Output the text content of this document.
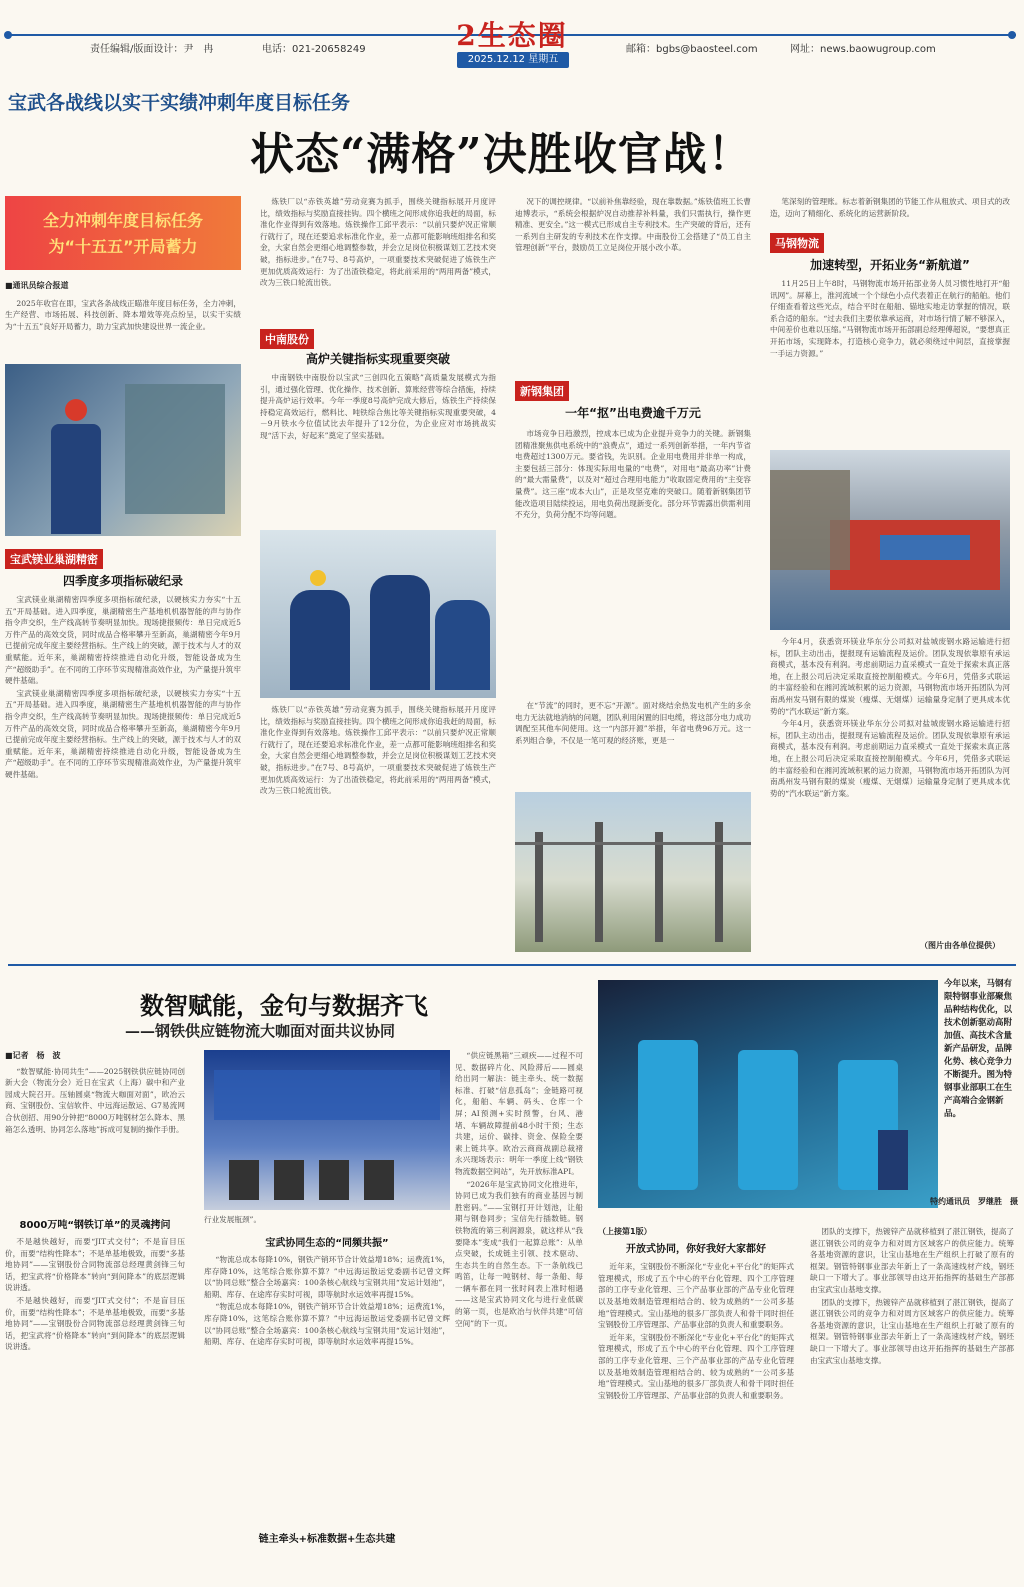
责任编辑/版面设计：尹　冉	电话：021-20658249	2生态圈
2025.12.12 星期五
邮箱：bgbs@baosteel.com	网址：news.baowugroup.com
宝武各战线以实干实绩冲刺年度目标任务
状态“满格”决胜收官战！
全力冲刺年度目标任务
为“十五五”开局蓄力
■通讯员综合报道

2025年收官在即，宝武各条战线正瞄准年度目标任务，全力冲刺，生产经营、市场拓展、科技创新、降本增效等亮点纷呈，以实干实绩为“十五五”良好开局蓄力，助力宝武加快建设世界一流企业。

宝武镁业巢湖精密
四季度多项指标破纪录

宝武镁业巢湖精密四季度多项指标破纪录，以硬核实力夯实“十五五”开局基础。进入四季度，巢湖精密生产基地机机器智能的声与协作指令声交织，生产线高转节奏明显加快。现场捷报频传：单日完成近5万件产品的高效交货，同时成品合格率攀升至新高，巢湖精密今年9月已提前完成年度主要经营指标。生产线上的突破，源于技术与人才的双重赋能。近年来，巢湖精密持续推进自动化升级，智能设备成为生产“超级助手”。在不同的工序环节实现精准高效作业，为产量提升筑牢硬件基础。

宝武镁业巢湖精密四季度多项指标破纪录，以硬核实力夯实“十五五”开局基础。进入四季度，巢湖精密生产基地机机器智能的声与协作指令声交织，生产线高转节奏明显加快。现场捷报频传：单日完成近5万件产品的高效交货，同时成品合格率攀升至新高，巢湖精密今年9月已提前完成年度主要经营指标。生产线上的突破，源于技术与人才的双重赋能。近年来，巢湖精密持续推进自动化升级，智能设备成为生产“超级助手”。在不同的工序环节实现精准高效作业，为产量提升筑牢硬件基础。

炼铁厂以“赤铁英雄”劳动竞赛为抓手，围绕关键指标展开月度评比，绩效指标与奖励直接挂钩。四个横班之间形成你追我赶的局面，标准化作业得到有效落地。炼铁操作工邱平表示：“以前只要炉况正常顺行就行了，现在还要追求标准化作业，差一点都可能影响班组排名和奖金，大家自然会更细心地调整参数，并会立足岗位积极谋划工艺技术突破，指标进步。”在7号、8号高炉，一项重要技术突破促进了炼铁生产更加优质高效运行：为了出渣铁稳定，将此前采用的“两用两备”模式，改为三铁口轮流出铁。

中南股份
高炉关键指标实现重要突破

中南钢铁中南股份以宝武“三创四化五策略”高质量发展模式为指引，通过强化管理、优化操作、技术创新、算账经营等综合措施，持续提升高炉运行效率。今年一季度8号高炉完成大修后，炼铁生产持续保持稳定高效运行，燃料比、吨铁综合焦比等关键指标实现重要突破，4－9月铁水今位值试比去年提升了12分位，为企业应对市场挑战实现“活下去，好起来”奠定了坚实基础。

炼铁厂以“赤铁英雄”劳动竞赛为抓手，围绕关键指标展开月度评比，绩效指标与奖励直接挂钩。四个横班之间形成你追我赶的局面，标准化作业得到有效落地。炼铁操作工邱平表示：“以前只要炉况正常顺行就行了，现在还要追求标准化作业，差一点都可能影响班组排名和奖金，大家自然会更细心地调整参数，并会立足岗位积极谋划工艺技术突破，指标进步。”在7号、8号高炉，一项重要技术突破促进了炼铁生产更加优质高效运行：为了出渣铁稳定，将此前采用的“两用两备”模式，改为三铁口轮流出铁。

况下的调控规律。“以前补焦靠经验，现在靠数据。”炼铁值班工长曹迪博表示，“系统会根据炉况自动推荐补料量，我们只需执行，操作更精准、更安全。”这一模式已形成自主专利技术。生产突破的背后，还有一系列自主研发的专利技术在作支撑。中南股份工会搭建了“员工自主管理创新”平台，鼓励员工立足岗位开展小改小革。

新钢集团
一年“抠”出电费逾千万元

市场竞争日趋激烈，控成本已成为企业提升竞争力的关键。新钢集团精准聚焦供电系统中的“浪费点”，通过一系列创新举措，一年内节省电费超过1300万元。要省钱，先识别。企业用电费用并非单一构成，主要包括三部分：体现实际用电量的“电费”，对用电“最高功率”计费的“最大需量费”，以及对“超过合理用电能力”收取固定费用的“主变容量费”。这三座“成本大山”，正是攻坚克难的突破口。随着新钢集团节能改造项目陆续投运，用电负荷出现新变化。部分环节需露出供需利用不充分，负荷分配不均等问题。

在“节流”的同时，更不忘“开源”。面对烧结余热发电机产生的多余电力无法就地消纳的问题，团队利用闲置的旧电缆，将这部分电力成功调配至其他车间使用。这一“内部开源”举措，年省电费96万元。这一系列组合拳，不仅是一笔可观的经济账，更是一

笔深刻的管理账。标志着新钢集团的节能工作从粗放式、项目式的改造，迈向了精细化、系统化的运营新阶段。

马钢物流
加速转型，开拓业务“新航道”

11月25日上午8时，马钢物流市场开拓部业务人员习惯性地打开“船讯网”。屏幕上，淮河流域一个个绿色小点代表着正在航行的船舶。他们仔细查看着这些光点，结合平时在船舶、锚地实地走访掌握的情况，联系合适的船东。“过去我们主要依靠承运商，对市场行情了解不够深入，中间差价也难以压缩。”马钢物流市场开拓部副总经理傅超说，“要想真正开拓市场，实现降本，打造核心竞争力，就必须绕过中间层，直接掌握一手运力资源。”

今年4月，获悉资环镁业华东分公司拟对盐城废钢水路运输进行招标，团队主动出击，提报现有运输流程及运价。团队发现依靠原有承运商模式，基本没有利润。考虑前期运力直采模式一直处于探索未真正落地，在上报公司后决定采取直接控制船模式。今年6月，凭借多式联运的丰富经验和在湘河流域积累的运力资源，马钢物流市场开拓团队为河南禹州发马钢有限的煤炭（瘦煤、无烟煤）运输量身定制了更具成本优势的“汽水联运”新方案。

今年4月，获悉资环镁业华东分公司拟对盐城废钢水路运输进行招标，团队主动出击，提报现有运输流程及运价。团队发现依靠原有承运商模式，基本没有利润。考虑前期运力直采模式一直处于探索未真正落地，在上报公司后决定采取直接控制船模式。今年6月，凭借多式联运的丰富经验和在湘河流域积累的运力资源，马钢物流市场开拓团队为河南禹州发马钢有限的煤炭（瘦煤、无烟煤）运输量身定制了更具成本优势的“汽水联运”新方案。

（图片由各单位提供）
数智赋能，金句与数据齐飞
——钢铁供应链物流大咖面对面共议协同
■记者　杨　波

“数智赋能·协同共生”——2025钢铁供应链协同创新大会（物流分会）近日在宝武（上海）碳中和产业园成大院召开。压轴圆桌“物流大咖面对面”，欧冶云商、宝钢股份、宝信软件、中远海运散运、G7易流网合伙创招、用90分钟把“8000万吨钢材怎么降本、黑箱怎么透明、协同怎么落地”拆成可复制的操作手册。

8000万吨“钢铁订单”的灵魂拷问

不是越快越好，而要“JIT式交付”；不是盲目压价，而要“结构性降本”；不是单基地极致，而要“多基地协同”——宝钢股份合同物流部总经理黄剑锋三句话，把宝武将“价格降本”转向“到间降本”的底层逻辑说讲透。

不是越快越好，而要“JIT式交付”；不是盲目压价，而要“结构性降本”；不是单基地极致，而要“多基地协同”——宝钢股份合同物流部总经理黄剑锋三句话，把宝武将“价格降本”转向“到间降本”的底层逻辑说讲透。

行业发展瓶颈”。
宝武协同生态的“同频共振”

“物流总成本每降10%，钢铁产销环节合计效益增18%；运费流1%，库存降10%，这笔综合账你算不算？”中远海运散运党委副书记曾文辉以“协同总账”整合全场嘉宾：100条核心航线与宝钢共用“发运计划池”，船期、库存、在途库存实时可视，即等航时水运效率再提15%。

“物流总成本每降10%，钢铁产销环节合计效益增18%；运费流1%，库存降10%，这笔综合账你算不算？”中远海运散运党委副书记曾文辉以“协同总账”整合全场嘉宾：100条核心航线与宝钢共用“发运计划池”，船期、库存、在途库存实时可视，即等航时水运效率再提15%。

链主牵头+标准数据+生态共建

“供应链黑箱”三顽疾——过程不可见、数据碎片化、风险滞后——圆桌给出同一解法：链主牵头、统一数据标准、打破“信息孤岛”；金链路可视化，船舶、车辆、码头、仓库一个屏；AI预测+实时预警，台风、港堵、车辆故障提前48小时干预；生态共建，运价、碳排、资金、保险全要素上链共享。欧冶云商商战副总裁褚永兴现场表示：明年一季度上线“钢铁物流数据空间站”，先开放标准API。

“2026年是宝武协同文化推进年，协同已成为我们独有的商业基因与制胜密码。”——宝钢打开计划池，让船期与钢卷同步；宝信先行插数链。钢铁物流的第三利润源泉，就这样从“我要降本”变成“我们一起算总账”：从单点突破，长成链主引领、技术驱动、生态共生的自然生态。下一条航线已鸣笛，让每一吨钢材、每一条船、每一辆车都在同一张时间表上准时相遇——这是宝武协同文化与进行业低碳的第一页，也是欧冶与伙伴共建“可信空间”的下一页。

今年以来，马钢有限特钢事业部聚焦品种结构优化，以技术创新驱动高附加值、高技术含量新产品研发，品牌化势、核心竞争力不断提升。图为特钢事业部职工在生产高端合金钢新品。
特约通讯员　罗继胜　摄
（上接第1版）
开放式协同，你好我好大家都好

近年来，宝钢股份不断深化“专业化+平台化”的矩阵式管理模式，形成了五个中心的平台化管理、四个工序管理部的工序专业化管理、三个产品事业部的产品专业化管理以及基地效制造管理相结合的、较为成熟的“一公司多基地”管理模式。宝山基地的很多厂部负责人和骨干同时担任宝钢股份工序管理部、产品事业部的负责人和重要职务。

近年来，宝钢股份不断深化“专业化+平台化”的矩阵式管理模式，形成了五个中心的平台化管理、四个工序管理部的工序专业化管理、三个产品事业部的产品专业化管理以及基地效制造管理相结合的、较为成熟的“一公司多基地”管理模式。宝山基地的很多厂部负责人和骨干同时担任宝钢股份工序管理部、产品事业部的负责人和重要职务。

团队的支撑下，热镀锌产品就移植到了湛江钢铁，提高了湛江钢铁公司的竞争力和对周方区域客户的供应能力。统筹各基地资源的意识，让宝山基地在生产组织上打破了原有的框架。钢管特钢事业部去年新上了一条高速线材产线，钢坯缺口一下增大了。事业部领导由这开拓指挥的基础生产部都由宝武宝山基地支撑。

团队的支撑下，热镀锌产品就移植到了湛江钢铁，提高了湛江钢铁公司的竞争力和对周方区域客户的供应能力。统筹各基地资源的意识，让宝山基地在生产组织上打破了原有的框架。钢管特钢事业部去年新上了一条高速线材产线，钢坯缺口一下增大了。事业部领导由这开拓指挥的基础生产部都由宝武宝山基地支撑。
